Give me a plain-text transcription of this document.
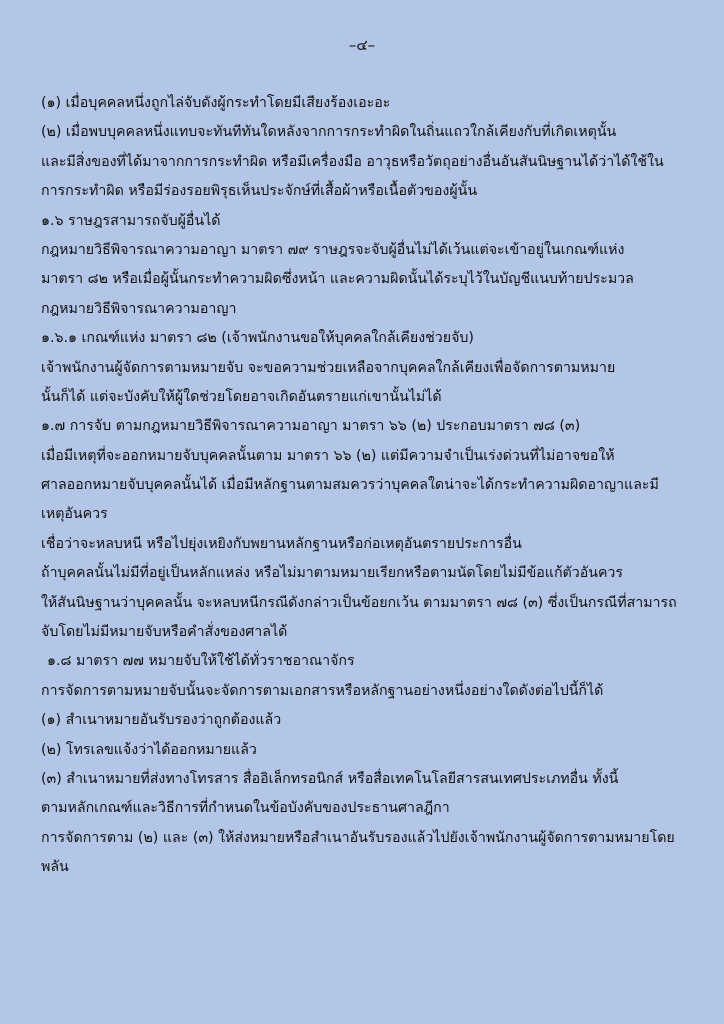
–๔–
(๑) เมื่อบุคคลหนึ่งถูกไล่จับดังผู้กระทำโดยมีเสียงร้องเอะอะ
(๒) เมื่อพบบุคคลหนึ่งแทบจะทันทีทันใดหลังจากการกระทำผิดในถิ่นแถวใกล้เคียงกับที่เกิดเหตุนั้น
และมีสิ่งของที่ได้มาจากการกระทำผิด หรือมีเครื่องมือ อาวุธหรือวัตถุอย่างอื่นอันสันนิษฐานได้ว่าได้ใช้ใน
การกระทำผิด หรือมีร่องรอยพิรุธเห็นประจักษ์ที่เสื้อผ้าหรือเนื้อตัวของผู้นั้น
๑.๖ ราษฎรสามารถจับผู้อื่นได้
กฎหมายวิธีพิจารณาความอาญา มาตรา ๗๙ ราษฎรจะจับผู้อื่นไม่ได้เว้นแต่จะเข้าอยู่ในเกณฑ์แห่ง
มาตรา ๘๒ หรือเมื่อผู้นั้นกระทำความผิดซึ่งหน้า และความผิดนั้นได้ระบุไว้ในบัญชีแนบท้ายประมวล
กฎหมายวิธีพิจารณาความอาญา
๑.๖.๑ เกณฑ์แห่ง มาตรา ๘๒ (เจ้าพนักงานขอให้บุคคลใกล้เคียงช่วยจับ)
เจ้าพนักงานผู้จัดการตามหมายจับ จะขอความช่วยเหลือจากบุคคลใกล้เคียงเพื่อจัดการตามหมาย
นั้นก็ได้ แต่จะบังคับให้ผู้ใดช่วยโดยอาจเกิดอันตรายแก่เขานั้นไม่ได้
๑.๗ การจับ ตามกฎหมายวิธีพิจารณาความอาญา มาตรา ๖๖ (๒) ประกอบมาตรา ๗๘ (๓)
เมื่อมีเหตุที่จะออกหมายจับบุคคลนั้นตาม มาตรา ๖๖ (๒) แต่มีความจำเป็นเร่งด่วนที่ไม่อาจขอให้
ศาลออกหมายจับบุคคลนั้นได้ เมื่อมีหลักฐานตามสมควรว่าบุคคลใดน่าจะได้กระทำความผิดอาญาและมี
เหตุอันควร
เชื่อว่าจะหลบหนี หรือไปยุ่งเหยิงกับพยานหลักฐานหรือก่อเหตุอันตรายประการอื่น
ถ้าบุคคลนั้นไม่มีที่อยู่เป็นหลักแหล่ง หรือไม่มาตามหมายเรียกหรือตามนัดโดยไม่มีข้อแก้ตัวอันควร
ให้สันนิษฐานว่าบุคคลนั้น จะหลบหนีกรณีดังกล่าวเป็นข้อยกเว้น ตามมาตรา ๗๘ (๓) ซึ่งเป็นกรณีที่สามารถ
จับโดยไม่มีหมายจับหรือคำสั่งของศาลได้
๑.๘ มาตรา ๗๗ หมายจับให้ใช้ได้ทั่วราชอาณาจักร
การจัดการตามหมายจับนั้นจะจัดการตามเอกสารหรือหลักฐานอย่างหนึ่งอย่างใดดังต่อไปนี้ก็ได้
(๑) สำเนาหมายอันรับรองว่าถูกต้องแล้ว
(๒) โทรเลขแจ้งว่าได้ออกหมายแล้ว
(๓) สำเนาหมายที่ส่งทางโทรสาร สื่ออิเล็กทรอนิกส์ หรือสื่อเทคโนโลยีสารสนเทศประเภทอื่น ทั้งนี้
ตามหลักเกณฑ์และวิธีการที่กำหนดในข้อบังคับของประธานศาลฎีกา
การจัดการตาม (๒) และ (๓) ให้ส่งหมายหรือสำเนาอันรับรองแล้วไปยังเจ้าพนักงานผู้จัดการตามหมายโดย
พลัน
